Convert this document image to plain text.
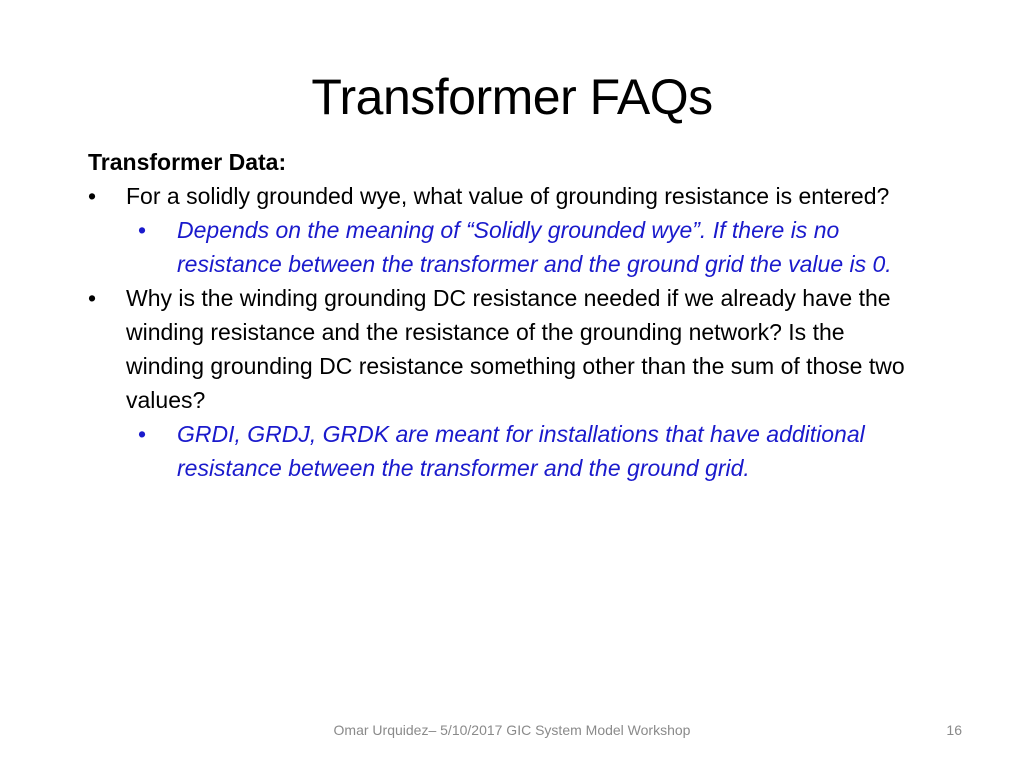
Transformer FAQs

Transformer Data:

• For a solidly grounded wye, what value of grounding resistance is entered?
• Depends on the meaning of “Solidly grounded wye”. If there is no resistance between the transformer and the ground grid the value is 0.
• Why is the winding grounding DC resistance needed if we already have the winding resistance and the resistance of the grounding network? Is the winding grounding DC resistance something other than the sum of those two values?
• GRDI, GRDJ, GRDK are meant for installations that have additional resistance between the transformer and the ground grid.
Omar Urquidez– 5/10/2017 GIC System Model Workshop	16
